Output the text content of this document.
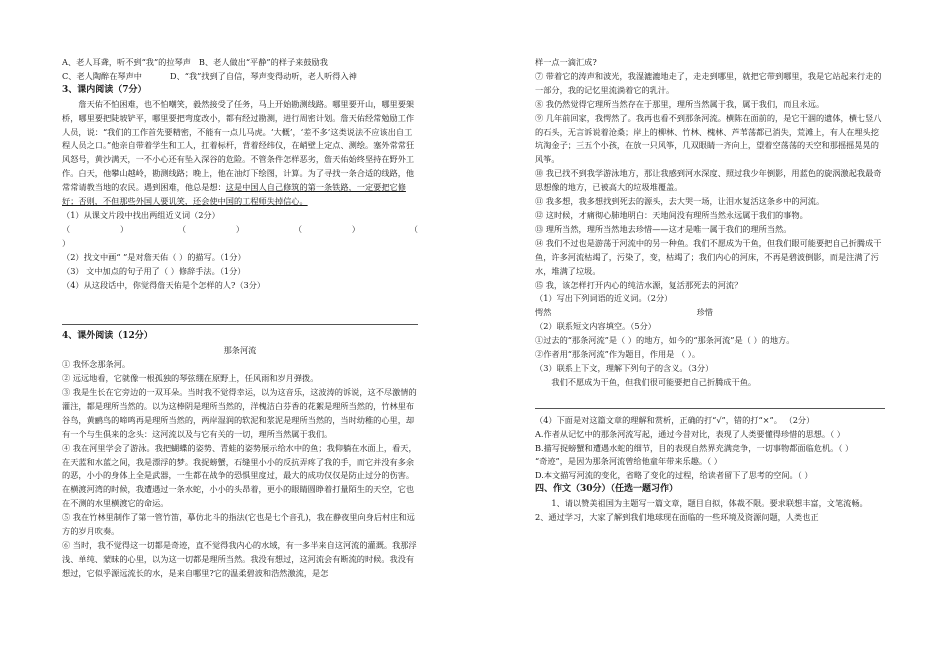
A、老人耳聋，听不到“我”的拉琴声 B、老人做出“平静”的样子来鼓励我

C、老人陶醉在琴声中	D、“我”找到了自信，琴声变得动听，老人听得入神

3、课内阅读（7分）

詹天佑不怕困难，也不怕嘲笑，毅然接受了任务，马上开始勘测线路。哪里要开山，哪里要架桥，哪里要把陡坡铲平，哪里要把弯度改小，都有经过勘测，进行周密计划。詹天佑经常勉励工作人员，说：“我们的工作首先要精密，不能有一点儿马虎。‘大概’，‘差不多’这类说法不应该出自工程人员之口。”他亲自带着学生和工人，扛着标杆，背着经纬仪，在峭壁上定点、测绘。塞外常常狂风怒号，黄沙满天，一不小心还有坠入深谷的危险。不管条件怎样恶劣，詹天佑始终坚持在野外工作。白天，他攀山越岭，勘测线路；晚上，他在油灯下绘图，计算。为了寻找一条合适的线路，他常常请教当地的农民。遇到困难，他总是想：这是中国人自己修筑的第一条铁路，一定要把它修好；否则，不但那些外国人要讥笑，还会使中国的工程师失掉信心。

（1）从课文片段中找出两组近义词（2分）

（	）	（	）	（	）	（

）

（2）找文中画“ ”是对詹天佑（ ）的描写。（1分）

（3） 文中加点的句子用了（ ）修辞手法。（1分）

（4）从这段话中，你觉得詹天佑是个怎样的人?（3分）

4、课外阅读（12分）

那条河流

① 我怀念那条河。

② 远远地看，它就像一根孤独的琴弦绷在原野上，任风雨和岁月弹拨。

③ 我是生长在它旁边的一双耳朵。当时我不觉得幸运，以为这音乐，这波涛的诉说，这不尽激情的灌注，都是理所当然的。以为这棒阴是理所当然的，洋槐洁白芬香的花絮是理所当然的，竹林里布谷鸟，黄鹂鸟的啼鸣再是理所当然的，两岸湿润的软泥和浆泥是理所当然的，当时幼稚的心里，却有一个与生俱来的念头：这河流以及与它有关的一切，理所当然属于我们。

④ 我在河里学会了游泳。我把蝴蝶的姿势、青蛙的姿势展示给水中的鱼；我仰躺在水面上，看天，在天蓝和水蓝之间，我是漂浮的梦。我捉螃蟹，石缝里小小的反抗弄疼了我的手，而它并没有多余的恶，小小的身体上全是武器，一生都在战争的恐惧里度过，最大的成功仅仅是防止过分的伤害。在横渡河湾的时候，我遭遇过一条水蛇，小小的头昂着，更小的眼睛圆睁着打量陌生的天空，它也在不测的水里横渡它的命运。

⑤ 我在竹林里制作了第一管竹笛，摹仿北斗的指法(它也是七个音孔)，我在静夜里向身后村庄和远方的岁月吹奏。

⑥ 当时，我不觉得这一切都是奇迹，直不觉得我内心的水域，有一多半来自这河流的灌溉。我那浮浅、单纯、蒙昧的心里，以为这一切都是理所当然。我没有想过，这河流会有断流的时候。我没有想过，它似乎源远流长的水，是来自哪里?它的温柔碧波和浩然激流，是怎

样一点一滴汇成?

⑦ 带着它的涛声和波光，我湿漉漉地走了，走走到哪里，就把它带到哪里，我是它站起来行走的一部分，我的记忆里流淌着它的乳汁。

⑧ 我仍然觉得它理所当然存在于那里，理所当然属于我，属于我们，而且永远。

⑨ 几年前回家，我愕然了。我再也看不到那条河流。横陈在面前的，是它干涸的遗体，横七竖八的石头，无言诉说着沧桑；岸上的柳林、竹林、槐林、芦苇荡都已消失，荒滩上，有人在埋头挖坑淘金子；三五个小孩，在放一只风筝，几双眼睛一齐向上，望着空荡荡的天空和那摇摇晃晃的风筝。

⑩ 我已找不到我学游泳地方，那让我感到河水深度、照过我少年倒影，用蓝色的旋涡激起我最奇思想像的地方，已被高大的垃圾堆覆盖。

⑪ 我多想，我多想找到死去的源头，去大哭一场，让泪水复活这条乡中的河流。

⑫ 这时候，才痛彻心肺地明白：天地间没有理所当然永远属于我们的事物。

⑬ 理所当然，理所当然地去珍惜——这才是唯一属于我们的理所当然。

⑭ 我们不过也是游荡于河流中的另一种鱼。我们不愿成为干鱼，但我们眼可能要把自己折腾成干鱼，许多河流枯竭了，污染了，变，枯竭了；我们内心的河床，不再是碧波倒影，而是注满了污水，堆满了垃圾。

⑮ 我，该怎样打开内心的纯洁水源，复活那死去的河流？

（1）写出下列词语的近义词。（2分）

愕然	珍惜

（2）联系短文内容填空。（5分）

①过去的“那条河流”是（ ）的地方，如今的“那条河流”是（ ）的地方。

②作者用“那条河流”作为题目，作用是 （ ）。

（3）联系上下文，理解下列句子的含义。（3分）

我们不愿成为干鱼，但我们很可能要把自己折腾成干鱼。

（4）下面是对这篇文章的理解和赏析，正确的打“√”，错的打“×”。 （2分）

A.作者从记忆中的那条河流写起，通过今昔对比，表现了人类要懂得珍惜的思想。（ ）

B.描写捉螃蟹和遭遇水蛇的细节，目的表现自然界充满竞争，一切事物都面临危机。（ ）

“奇迹”，是因为那条河流曾给他童年带来乐趣。（ ）

D.本文描写河流的变化，省略了变化的过程，给读者留下了思考的空间。（ ）

四、作文（30分）（任选一题习作）

1、请以赞美祖国为主题写一篇文章，题目自拟，体裁不限。要求联想丰富，文笔流畅。

2、通过学习，大家了解到我们地球现在面临的一些环境及资源问题，人类也正
